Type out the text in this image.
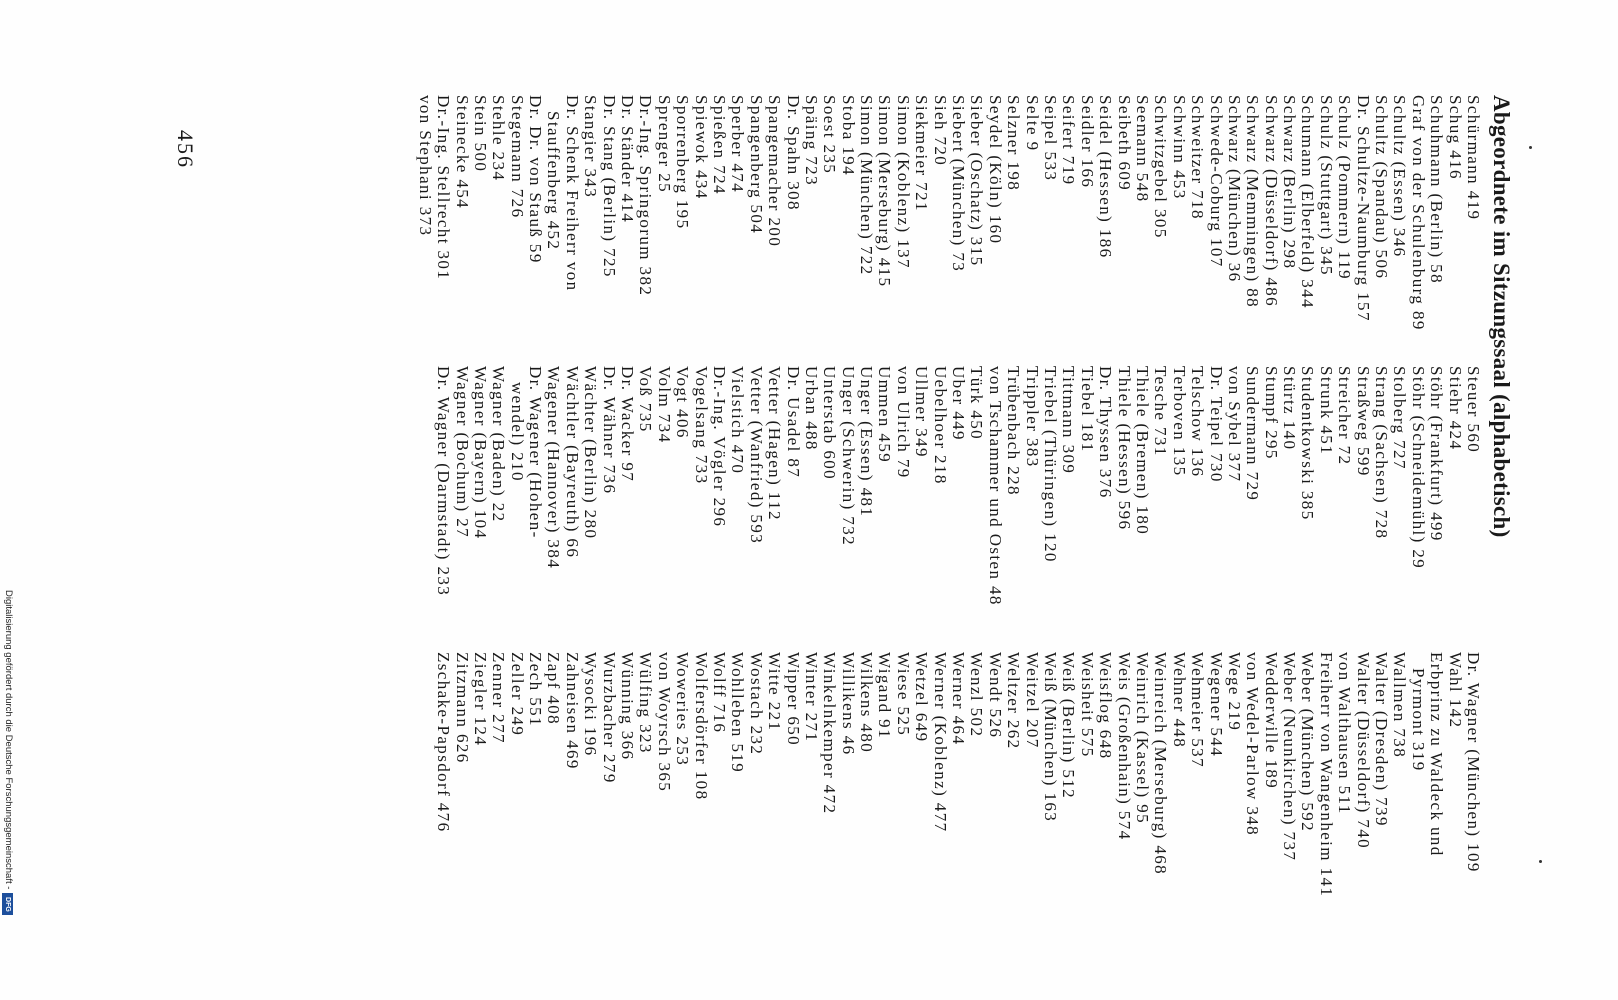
Abgeordnete im Sitzungssaal (alphabetisch)
Schürmann 419
Schug 416
Schuhmann (Berlin) 58
Graf von der Schulenburg 89
Schultz (Essen) 346
Schultz (Spandau) 506
Dr. Schultze-Naumburg 157
Schulz (Pommern) 119
Schulz (Stuttgart) 345
Schumann (Elberfeld) 344
Schwarz (Berlin) 298
Schwarz (Düsseldorf) 486
Schwarz (Memmingen) 88
Schwarz (München) 36
Schwede-Coburg 107
Schweitzer 718
Schwinn 453
Schwitzgebel 305
Seemann 548
Seibeth 609
Seidel (Hessen) 186
Seidler 166
Seifert 719
Seipel 533
Selte 9
Selzner 198
Seydel (Köln) 160
Sieber (Oschatz) 315
Siebert (München) 73
Sieh 720
Siekmeier 721
Simon (Koblenz) 137
Simon (Merseburg) 415
Simon (München) 722
Stoba 194
Soest 235
Späing 723
Dr. Spahn 308
Spangemacher 200
Spangenberg 504
Sperber 474
Spießen 724
Spiewok 434
Sporrenberg 195
Sprenger 25
Dr.-Ing. Springorum 382
Dr. Ständer 414
Dr. Stang (Berlin) 725
Stangier 343
Dr. Schenk Freiherr von
Stauffenberg 452
Dr. Dr. von Stauß 59
Stegemann 726
Stehle 234
Stein 500
Steinecke 454
Dr.-Ing. Stellrecht 301
von Stephani 373
Steuer 560
Stiehr 424
Stöhr (Frankfurt) 499
Stöhr (Schneidemühl) 29
Stolberg 727
Strang (Sachsen) 728
Straßweg 599
Streicher 72
Strunk 451
Studentkowski 385
Stürtz 140
Stumpf 295
Sundermann 729
von Sybel 377
Dr. Teipel 730
Telschow 136
Terboven 135
Tesche 731
Thiele (Bremen) 180
Thiele (Hessen) 596
Dr. Thyssen 376
Tiebel 181
Tittmann 309
Triebel (Thüringen) 120
Trippler 383
Trübenbach 228
von Tschammer und Osten 48
Türk 450
Uber 449
Uebelhoer 218
Ullmer 349
von Ulrich 79
Ummen 459
Unger (Essen) 481
Unger (Schwerin) 732
Unterstab 600
Urban 488
Dr. Usadel 87
Vetter (Hagen) 112
Vetter (Wanfried) 593
Vielstich 470
Dr.-Ing. Vögler 296
Vogelsang 733
Vogt 406
Volm 734
Voß 735
Dr. Wacker 97
Dr. Wähner 736
Wächter (Berlin) 280
Wächtler (Bayreuth) 66
Wagener (Hannover) 384
Dr. Wagener (Hohen-
wendel) 210
Wagner (Baden) 22
Wagner (Bayern) 104
Wagner (Bochum) 27
Dr. Wagner (Darmstadt) 233
Dr. Wagner (München) 109
Wahl 142
Erbprinz zu Waldeck und
Pyrmont 319
Wallmen 738
Walter (Dresden) 739
Walter (Düsseldorf) 740
von Walthausen 511
Freiherr von Wangenheim 141
Weber (München) 592
Weber (Neunkirchen) 737
Wedderwille 189
von Wedel-Parlow 348
Wege 219
Wegener 544
Wehmeier 537
Wehner 448
Weinreich (Merseburg) 468
Weinrich (Kassel) 95
Weis (Großenhain) 574
Weisflog 648
Weisheit 575
Weiß (Berlin) 512
Weiß (München) 163
Weitzel 207
Weltzer 262
Wendt 526
Wenzl 502
Werner 464
Werner (Koblenz) 477
Wetzel 649
Wiese 525
Wigand 91
Wilkens 480
Willikens 46
Winkelnkemper 472
Winter 271
Wipper 650
Witte 221
Wostach 232
Wohlleben 519
Wolff 716
Wolfersdörfer 108
Woweries 253
von Woyrsch 365
Wülfing 323
Wünning 366
Wurzbacher 279
Wysocki 196
Zahneisen 469
Zapf 408
Zech 551
Zeller 249
Zenner 277
Ziegler 124
Zitzmann 626
Zschake-Papsdorf 476
456
Digitalisierung gefördert durch die Deutsche Forschungsgemeinschaft -
DFG
